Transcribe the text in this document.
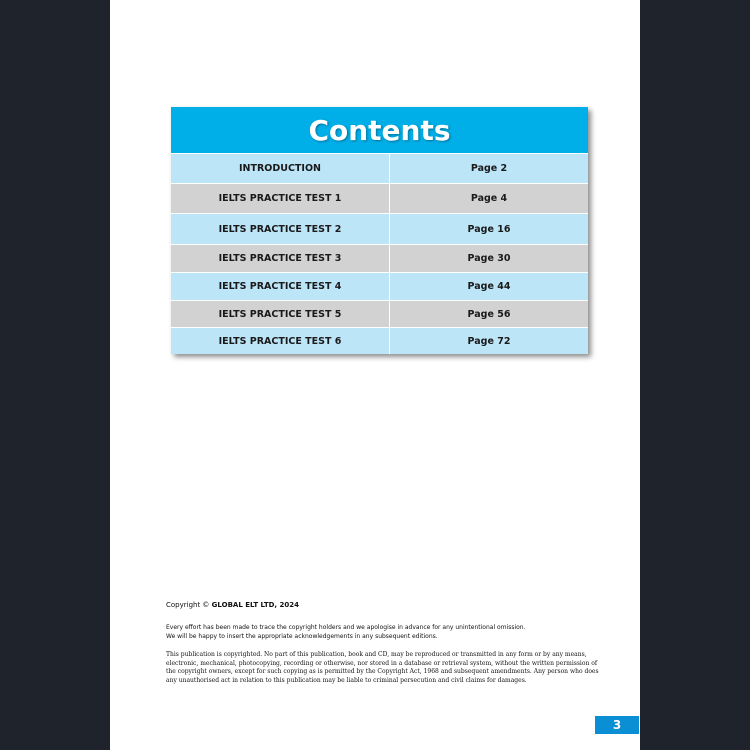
Contents
INTRODUCTION	Page 2
IELTS PRACTICE TEST 1	Page 4
IELTS PRACTICE TEST 2	Page 16
IELTS PRACTICE TEST 3	Page 30
IELTS PRACTICE TEST 4	Page 44
IELTS PRACTICE TEST 5	Page 56
IELTS PRACTICE TEST 6	Page 72
Copyright © GLOBAL ELT LTD, 2024
Every effort has been made to trace the copyright holders and we apologise in advance for any unintentional omission.
We will be happy to insert the appropriate acknowledgements in any subsequent editions.
This publication is copyrighted. No part of this publication, book and CD, may be reproduced or transmitted in any form or by any means, electronic, mechanical, photocopying, recording or otherwise, nor stored in a database or retrieval system, without the written permission of the copyright owners, except for such copying as is permitted by the Copyright Act, 1968 and subsequent amendments. Any person who does any unauthorised act in relation to this publication may be liable to criminal persecution and civil claims for damages.
3
